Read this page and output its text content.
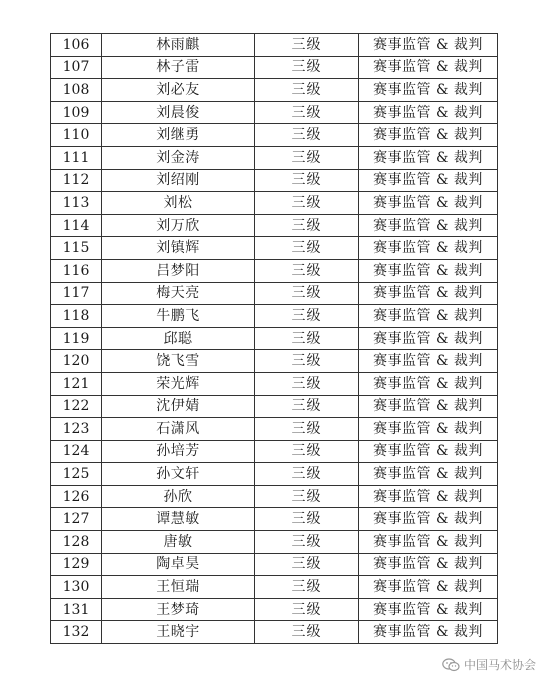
106	林雨麒	三级	赛事监管 & 裁判
107	林子雷	三级	赛事监管 & 裁判
108	刘必友	三级	赛事监管 & 裁判
109	刘晨俊	三级	赛事监管 & 裁判
110	刘继勇	三级	赛事监管 & 裁判
111	刘金涛	三级	赛事监管 & 裁判
112	刘绍刚	三级	赛事监管 & 裁判
113	刘松	三级	赛事监管 & 裁判
114	刘万欣	三级	赛事监管 & 裁判
115	刘镇辉	三级	赛事监管 & 裁判
116	吕梦阳	三级	赛事监管 & 裁判
117	梅天亮	三级	赛事监管 & 裁判
118	牛鹏飞	三级	赛事监管 & 裁判
119	邱聪	三级	赛事监管 & 裁判
120	饶飞雪	三级	赛事监管 & 裁判
121	荣光辉	三级	赛事监管 & 裁判
122	沈伊婧	三级	赛事监管 & 裁判
123	石潇风	三级	赛事监管 & 裁判
124	孙培芳	三级	赛事监管 & 裁判
125	孙文轩	三级	赛事监管 & 裁判
126	孙欣	三级	赛事监管 & 裁判
127	谭慧敏	三级	赛事监管 & 裁判
128	唐敏	三级	赛事监管 & 裁判
129	陶卓昊	三级	赛事监管 & 裁判
130	王恒瑞	三级	赛事监管 & 裁判
131	王梦琦	三级	赛事监管 & 裁判
132	王晓宇	三级	赛事监管 & 裁判
中国马术协会
